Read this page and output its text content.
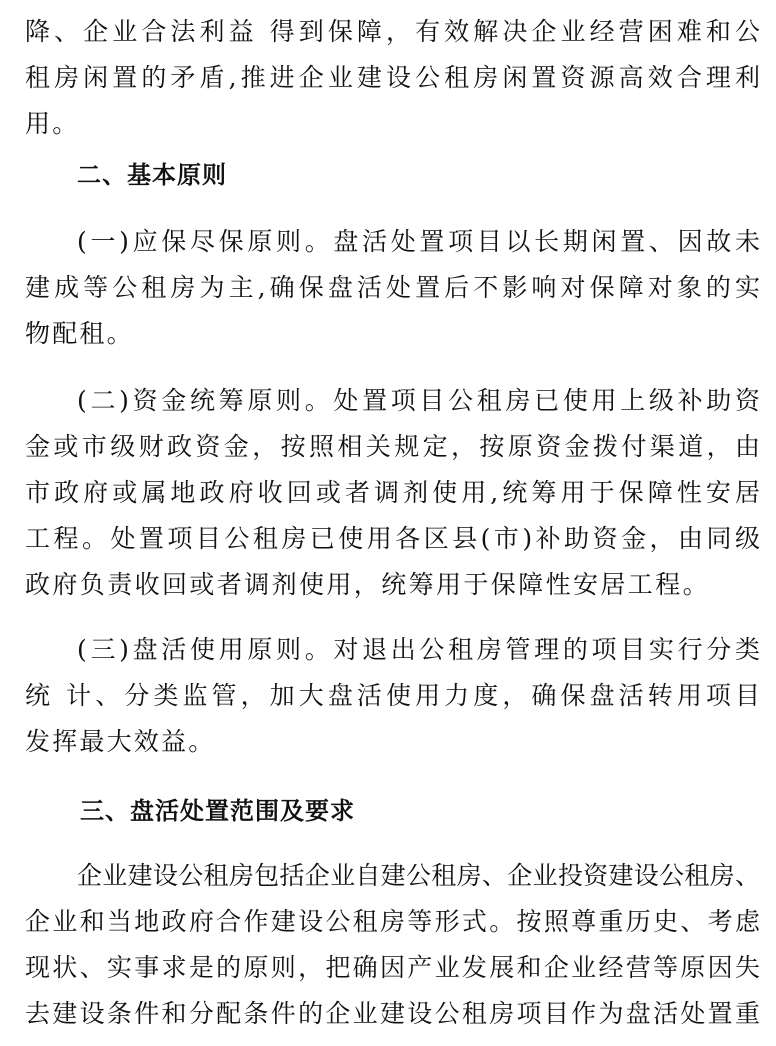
降、企业合法利益 得到保障，有效解决企业经营困难和公
租房闲置的矛盾,推进企业建设公租房闲置资源高效合理利
用。
二、基本原则
(一)应保尽保原则。盘活处置项目以长期闲置、因故未
建成等公租房为主,确保盘活处置后不影响对保障对象的实
物配租。
(二)资金统筹原则。处置项目公租房已使用上级补助资
金或市级财政资金，按照相关规定，按原资金拨付渠道，由
市政府或属地政府收回或者调剂使用,统筹用于保障性安居
工程。处置项目公租房已使用各区县(市)补助资金，由同级
政府负责收回或者调剂使用，统筹用于保障性安居工程。
(三)盘活使用原则。对退出公租房管理的项目实行分类
统 计、分类监管，加大盘活使用力度，确保盘活转用项目
发挥最大效益。
三、盘活处置范围及要求
企业建设公租房包括企业自建公租房、企业投资建设公租房、
企业和当地政府合作建设公租房等形式。按照尊重历史、考虑
现状、实事求是的原则，把确因产业发展和企业经营等原因失
去建设条件和分配条件的企业建设公租房项目作为盘活处置重
